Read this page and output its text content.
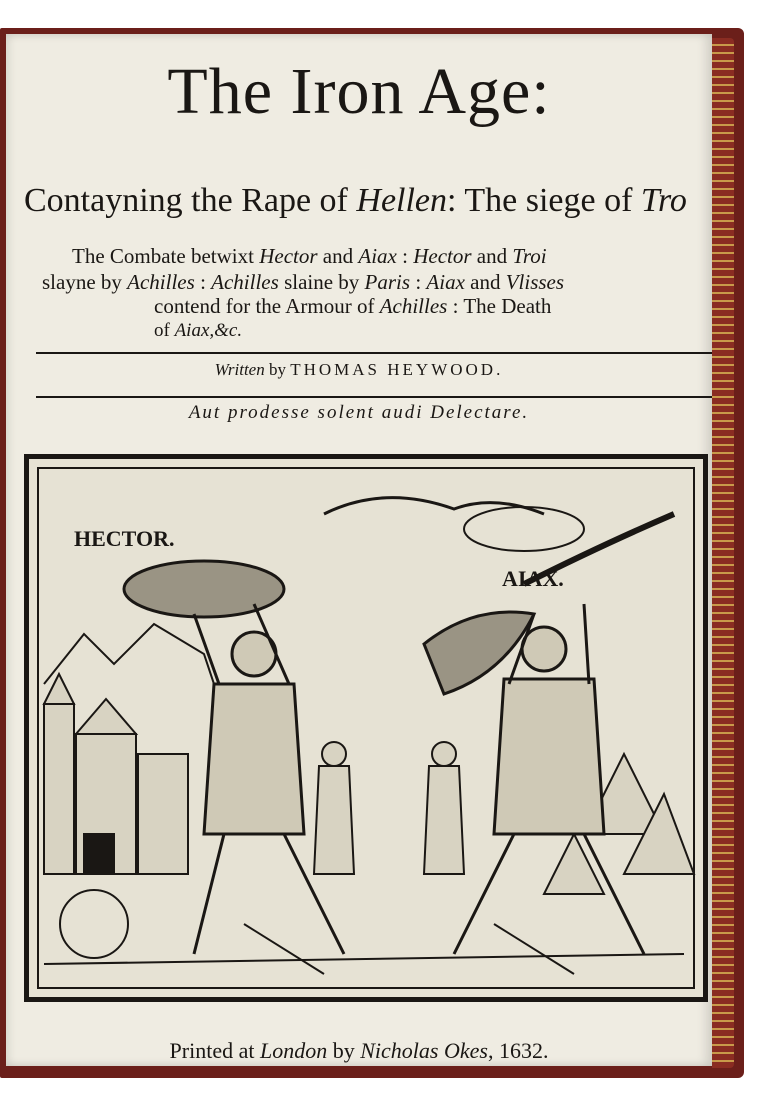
The Iron Age:

Contayning the Rape of Hellen: The siege of Tro

The Combate betwixt Hector and Aiax : Hector and Troi

slayne by Achilles : Achilles slaine by Paris : Aiax and Vlisses

contend for the Armour of Achilles : The Death

of Aiax,&c.

Written by THOMAS HEYWOOD.
Aut prodesse solent audi Delectare.
HECTOR.
AIAX.
Printed at London by Nicholas Okes, 1632.
